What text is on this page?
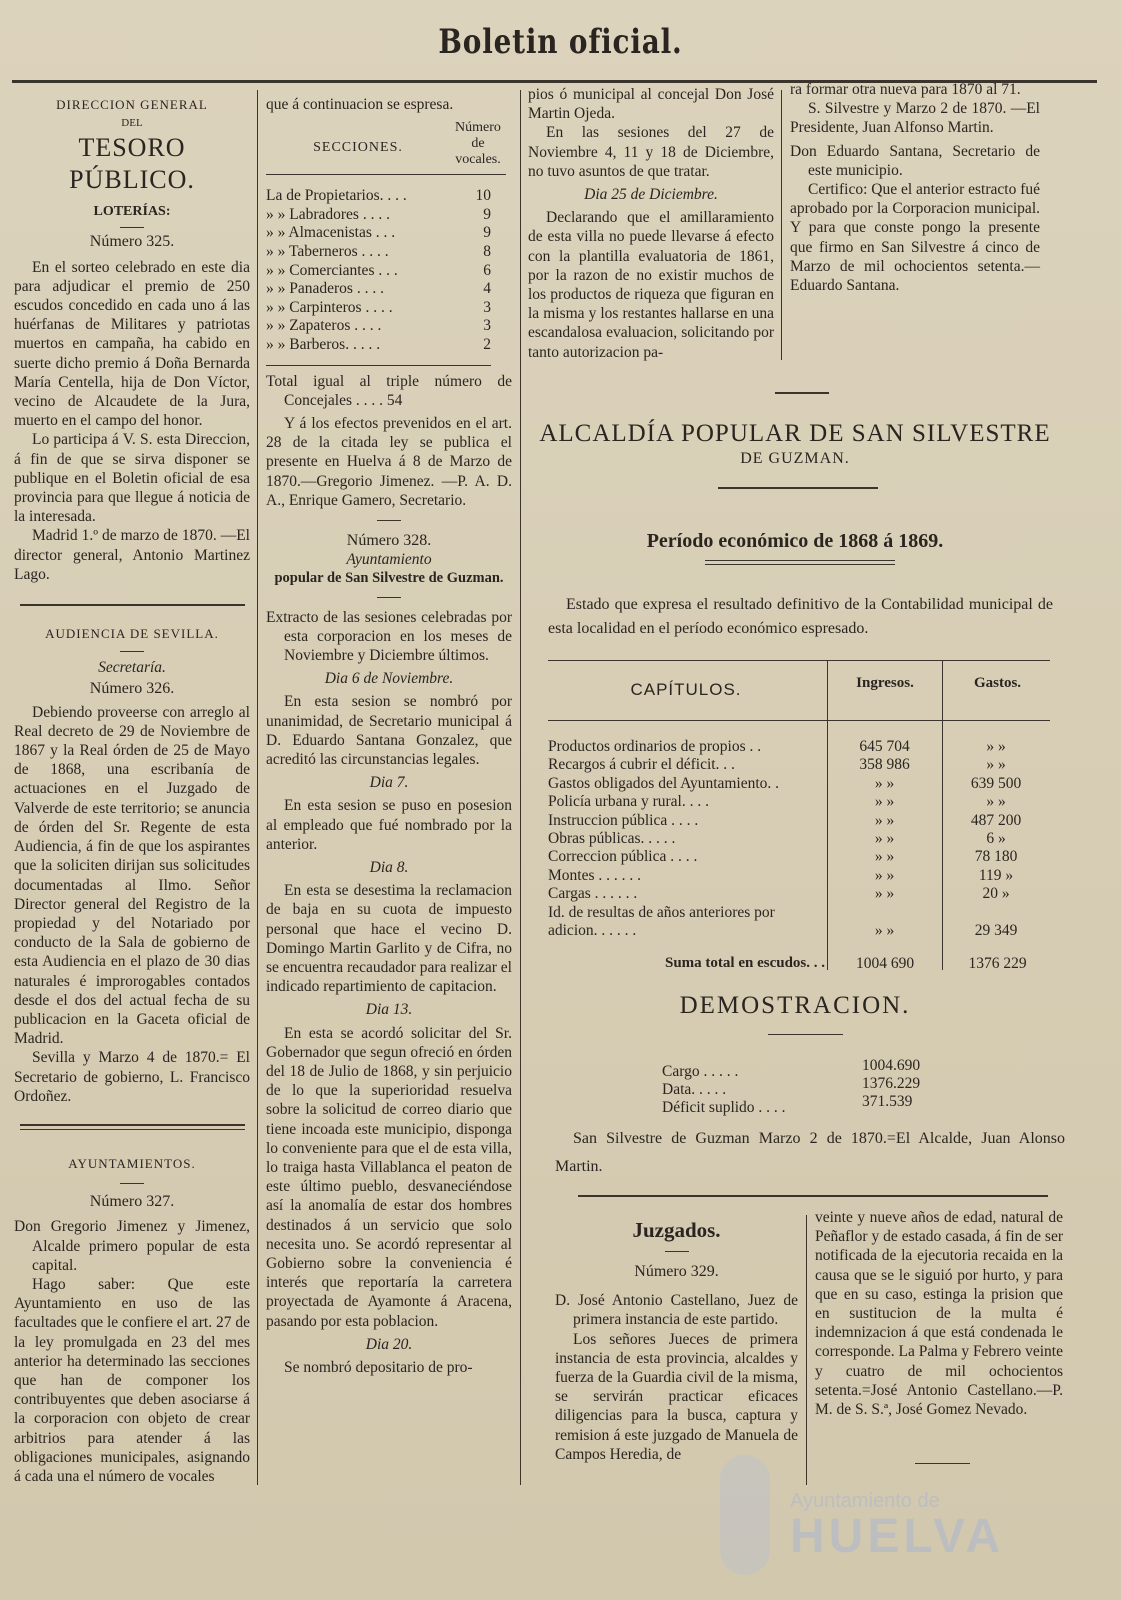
Boletin oficial.
DIRECCION GENERAL
DEL
TESORO PÚBLICO.
LOTERÍAS:
Número 325.

En el sorteo celebrado en este dia para adjudicar el premio de 250 escudos concedido en cada uno á las huérfanas de Militares y patriotas muertos en campaña, ha cabido en suerte dicho premio á Doña Bernarda María Centella, hija de Don Víctor, vecino de Alcaudete de la Jura, muerto en el campo del honor.

Lo participa á V. S. esta Direccion, á fin de que se sirva disponer se publique en el Boletin oficial de esa provincia para que llegue á noticia de la interesada.

Madrid 1.º de marzo de 1870. —El director general, Antonio Martinez Lago.

AUDIENCIA DE SEVILLA.
Secretaría.
Número 326.

Debiendo proveerse con arreglo al Real decreto de 29 de Noviembre de 1867 y la Real órden de 25 de Mayo de 1868, una escribanía de actuaciones en el Juzgado de Valverde de este territorio; se anuncia de órden del Sr. Regente de esta Audiencia, á fin de que los aspirantes que la soliciten dirijan sus solicitudes documentadas al Ilmo. Señor Director general del Registro de la propiedad y del Notariado por conducto de la Sala de gobierno de esta Audiencia en el plazo de 30 dias naturales é improrogables contados desde el dos del actual fecha de su publicacion en la Gaceta oficial de Madrid.

Sevilla y Marzo 4 de 1870.= El Secretario de gobierno, L. Francisco Ordoñez.

AYUNTAMIENTOS.
Número 327.

Don Gregorio Jimenez y Jimenez, Alcalde primero popular de esta capital.

Hago saber: Que este Ayuntamiento en uso de las facultades que le confiere el art. 27 de la ley promulgada en 23 del mes anterior ha determinado las secciones que han de componer los contribuyentes que deben asociarse á la corporacion con objeto de crear arbitrios para atender á las obligaciones municipales, asignando á cada una el número de vocales

que á continuacion se espresa.

SECCIONES.	Número de vocales.
La de Propietarios. . . .	10
» » Labradores . . . .	9
» » Almacenistas . . .	9
» » Taberneros . . . .	8
» » Comerciantes . . .	6
» » Panaderos . . . .	4
» » Carpinteros . . . .	3
» » Zapateros . . . .	3
» » Barberos. . . . .	2

Total igual al triple número de Concejales . . . . 54

Y á los efectos prevenidos en el art. 28 de la citada ley se publica el presente en Huelva á 8 de Marzo de 1870.—Gregorio Jimenez. —P. A. D. A., Enrique Gamero, Secretario.

Número 328.
Ayuntamiento
popular de San Silvestre de Guzman.

Extracto de las sesiones celebradas por esta corporacion en los meses de Noviembre y Diciembre últimos.

Dia 6 de Noviembre.

En esta sesion se nombró por unanimidad, de Secretario municipal á D. Eduardo Santana Gonzalez, que acreditó las circunstancias legales.

Dia 7.

En esta sesion se puso en posesion al empleado que fué nombrado por la anterior.

Dia 8.

En esta se desestima la reclamacion de baja en su cuota de impuesto personal que hace el vecino D. Domingo Martin Garlito y de Cifra, no se encuentra recaudador para realizar el indicado repartimiento de capitacion.

Dia 13.

En esta se acordó solicitar del Sr. Gobernador que segun ofreció en órden del 18 de Julio de 1868, y sin perjuicio de lo que la superioridad resuelva sobre la solicitud de correo diario que tiene incoada este municipio, disponga lo conveniente para que el de esta villa, lo traiga hasta Villablanca el peaton de este último pueblo, desvaneciéndose así la anomalía de estar dos hombres destinados á un servicio que solo necesita uno. Se acordó representar al Gobierno sobre la conveniencia é interés que reportaría la carretera proyectada de Ayamonte á Aracena, pasando por esta poblacion.

Dia 20.

Se nombró depositario de pro-

pios ó municipal al concejal Don José Martin Ojeda.

En las sesiones del 27 de Noviembre 4, 11 y 18 de Diciembre, no tuvo asuntos de que tratar.

Dia 25 de Diciembre.

Declarando que el amillaramiento de esta villa no puede llevarse á efecto con la plantilla evaluatoria de 1861, por la razon de no existir muchos de los productos de riqueza que figuran en la misma y los restantes hallarse en una escandalosa evaluacion, solicitando por tanto autorizacion pa-

ra formar otra nueva para 1870 al 71.

S. Silvestre y Marzo 2 de 1870. —El Presidente, Juan Alfonso Martin.

Don Eduardo Santana, Secretario de este municipio.

Certifico: Que el anterior estracto fué aprobado por la Corporacion municipal. Y para que conste pongo la presente que firmo en San Silvestre á cinco de Marzo de mil ochocientos setenta.—Eduardo Santana.

ALCALDÍA POPULAR DE SAN SILVESTRE
DE GUZMAN.
Período económico de 1868 á 1869.

Estado que expresa el resultado definitivo de la Contabilidad municipal de esta localidad en el período económico espresado.

CAPÍTULOS.	Ingresos.	Gastos.
Productos ordinarios de propios . .	645 704	» »
Recargos á cubrir el déficit. . .	358 986	» »
Gastos obligados del Ayuntamiento. .	» »	639 500
Policía urbana y rural. . . .	» »	» »
Instruccion pública . . . .	» »	487 200
Obras públicas. . . . .	» »	6 »
Correccion pública . . . .	» »	78 180
Montes . . . . . .	» »	119 »
Cargas . . . . . .	» »	20 »
Id. de resultas de años anteriores por adicion. . . . . .	» »	29 349
Suma total en escudos. . .	1004 690	1376 229
DEMOSTRACION.
Cargo . . . . .	1004.690
Data. . . . .	1376.229
Déficit suplido . . . .	371.539

San Silvestre de Guzman Marzo 2 de 1870.=El Alcalde, Juan Alonso Martin.

Juzgados.
Número 329.

D. José Antonio Castellano, Juez de primera instancia de este partido.

Los señores Jueces de primera instancia de esta provincia, alcaldes y fuerza de la Guardia civil de la misma, se servirán practicar eficaces diligencias para la busca, captura y remision á este juzgado de Manuela de Campos Heredia, de

veinte y nueve años de edad, natural de Peñaflor y de estado casada, á fin de ser notificada de la ejecutoria recaida en la causa que se le siguió por hurto, y para que en su caso, estinga la prision que en sustitucion de la multa é indemnizacion á que está condenada le corresponde. La Palma y Febrero veinte y cuatro de mil ochocientos setenta.=José Antonio Castellano.—P. M. de S. S.ª, José Gomez Nevado.

Ayuntamiento de
HUELVA
